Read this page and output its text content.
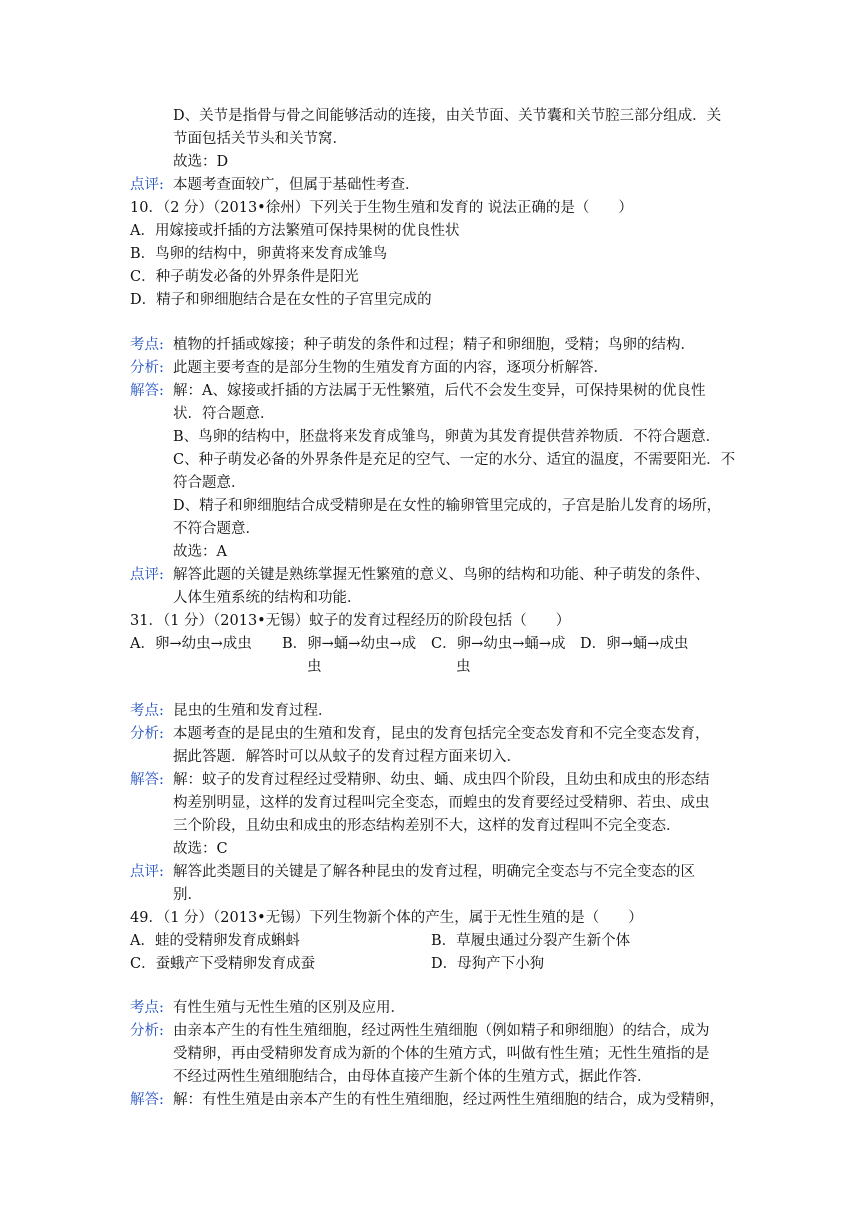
D、关节是指骨与骨之间能够活动的连接，由关节面、关节囊和关节腔三部分组成．关
节面包括关节头和关节窝．
故选：D
点评: 本题考查面较广，但属于基础性考查．
10．（2 分）（2013•徐州）下列关于生物生殖和发育的 说法正确的是（　　）
A．用嫁接或扦插的方法繁殖可保持果树的优良性状
B．鸟卵的结构中，卵黄将来发育成雏鸟
C．种子萌发必备的外界条件是阳光
D．精子和卵细胞结合是在女性的子宫里完成的
考点: 植物的扦插或嫁接；种子萌发的条件和过程；精子和卵细胞，受精；鸟卵的结构．
分析: 此题主要考查的是部分生物的生殖发育方面的内容，逐项分析解答．
解答: 解：A、嫁接或扦插的方法属于无性繁殖，后代不会发生变异，可保持果树的优良性
状．符合题意．
B、鸟卵的结构中，胚盘将来发育成雏鸟，卵黄为其发育提供营养物质．不符合题意．
C、种子萌发必备的外界条件是充足的空气、一定的水分、适宜的温度，不需要阳光．不
符合题意．
D、精子和卵细胞结合成受精卵是在女性的输卵管里完成的，子宫是胎儿发育的场所，
不符合题意．
故选：A
点评: 解答此题的关键是熟练掌握无性繁殖的意义、鸟卵的结构和功能、种子萌发的条件、
人体生殖系统的结构和功能．
31．（1 分）（2013•无锡）蚊子的发育过程经历的阶段包括（　　）
A．卵→幼虫→成虫 B．卵→蛹→幼虫→成
虫
C．卵→幼虫→蛹→成
虫
D．卵→蛹→成虫
考点: 昆虫的生殖和发育过程．
分析: 本题考查的是昆虫的生殖和发育，昆虫的发育包括完全变态发育和不完全变态发育，
据此答题．解答时可以从蚊子的发育过程方面来切入．
解答: 解：蚊子的发育过程经过受精卵、幼虫、蛹、成虫四个阶段，且幼虫和成虫的形态结
构差别明显，这样的发育过程叫完全变态，而蝗虫的发育要经过受精卵、若虫、成虫
三个阶段，且幼虫和成虫的形态结构差别不大，这样的发育过程叫不完全变态．
故选：C
点评: 解答此类题目的关键是了解各种昆虫的发育过程，明确完全变态与不完全变态的区
别．
49．（1 分）（2013•无锡）下列生物新个体的产生，属于无性生殖的是（　　）
A．蛙的受精卵发育成蝌蚪	B．草履虫通过分裂产生新个体
C．蚕蛾产下受精卵发育成蚕	D．母狗产下小狗
考点: 有性生殖与无性生殖的区别及应用．
分析: 由亲本产生的有性生殖细胞，经过两性生殖细胞（例如精子和卵细胞）的结合，成为
受精卵，再由受精卵发育成为新的个体的生殖方式，叫做有性生殖；无性生殖指的是
不经过两性生殖细胞结合，由母体直接产生新个体的生殖方式，据此作答．
解答: 解：有性生殖是由亲本产生的有性生殖细胞，经过两性生殖细胞的结合，成为受精卵，
